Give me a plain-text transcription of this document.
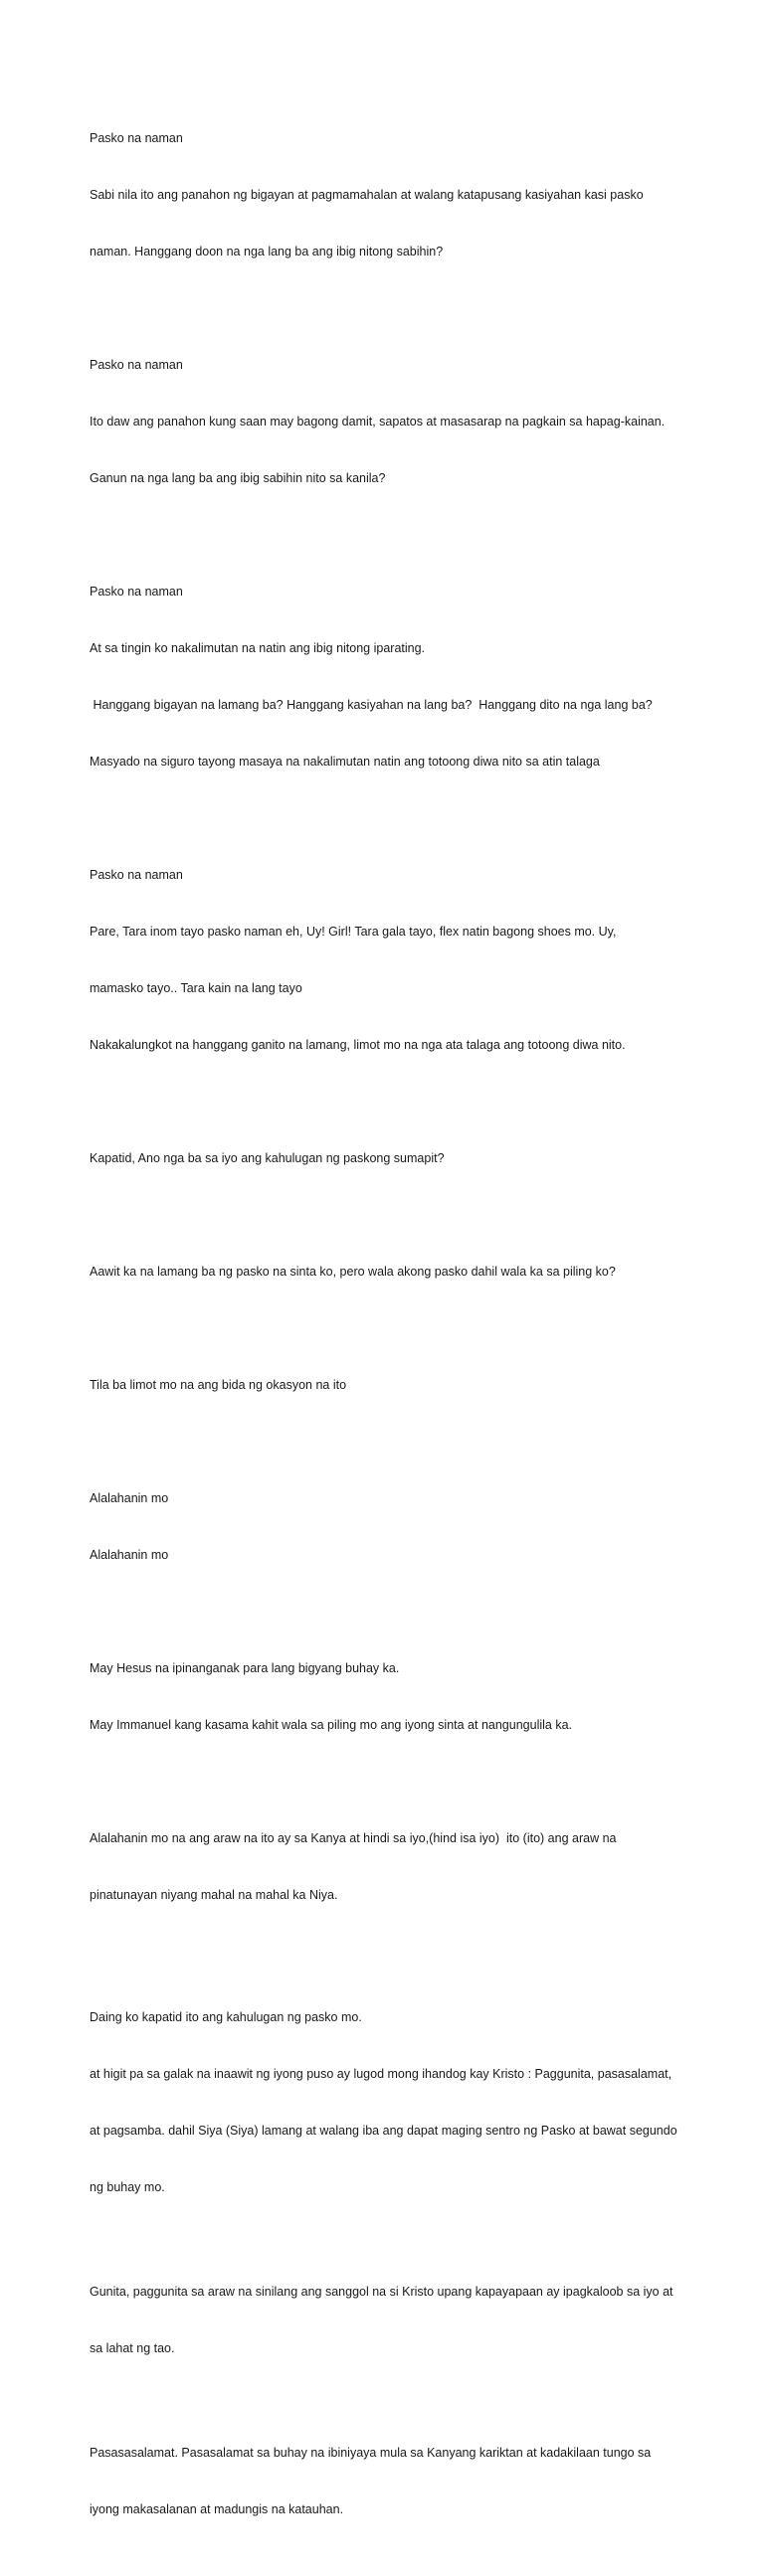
Pasko na naman

Sabi nila ito ang panahon ng bigayan at pagmamahalan at walang katapusang kasiyahan kasi pasko

naman. Hanggang doon na nga lang ba ang ibig nitong sabihin?

Pasko na naman

Ito daw ang panahon kung saan may bagong damit, sapatos at masasarap na pagkain sa hapag-kainan.

Ganun na nga lang ba ang ibig sabihin nito sa kanila?

Pasko na naman

At sa tingin ko nakalimutan na natin ang ibig nitong iparating.

Hanggang bigayan na lamang ba? Hanggang kasiyahan na lang ba?  Hanggang dito na nga lang ba?

Masyado na siguro tayong masaya na nakalimutan natin ang totoong diwa nito sa atin talaga

Pasko na naman

Pare, Tara inom tayo pasko naman eh, Uy! Girl! Tara gala tayo, flex natin bagong shoes mo. Uy,

mamasko tayo.. Tara kain na lang tayo

Nakakalungkot na hanggang ganito na lamang, limot mo na nga ata talaga ang totoong diwa nito.

Kapatid, Ano nga ba sa iyo ang kahulugan ng paskong sumapit?

Aawit ka na lamang ba ng pasko na sinta ko, pero wala akong pasko dahil wala ka sa piling ko?

Tila ba limot mo na ang bida ng okasyon na ito

Alalahanin mo

Alalahanin mo

May Hesus na ipinanganak para lang bigyang buhay ka.

May Immanuel kang kasama kahit wala sa piling mo ang iyong sinta at nangungulila ka.

Alalahanin mo na ang araw na ito ay sa Kanya at hindi sa iyo,(hind isa iyo)  ito (ito) ang araw na

pinatunayan niyang mahal na mahal ka Niya.

Daing ko kapatid ito ang kahulugan ng pasko mo.

at higit pa sa galak na inaawit ng iyong puso ay lugod mong ihandog kay Kristo : Paggunita, pasasalamat,

at pagsamba. dahil Siya (Siya) lamang at walang iba ang dapat maging sentro ng Pasko at bawat segundo

ng buhay mo.

Gunita, paggunita sa araw na sinilang ang sanggol na si Kristo upang kapayapaan ay ipagkaloob sa iyo at

sa lahat ng tao.

Pasasasalamat. Pasasalamat sa buhay na ibiniyaya mula sa Kanyang kariktan at kadakilaan tungo sa

iyong makasalanan at madungis na katauhan.
